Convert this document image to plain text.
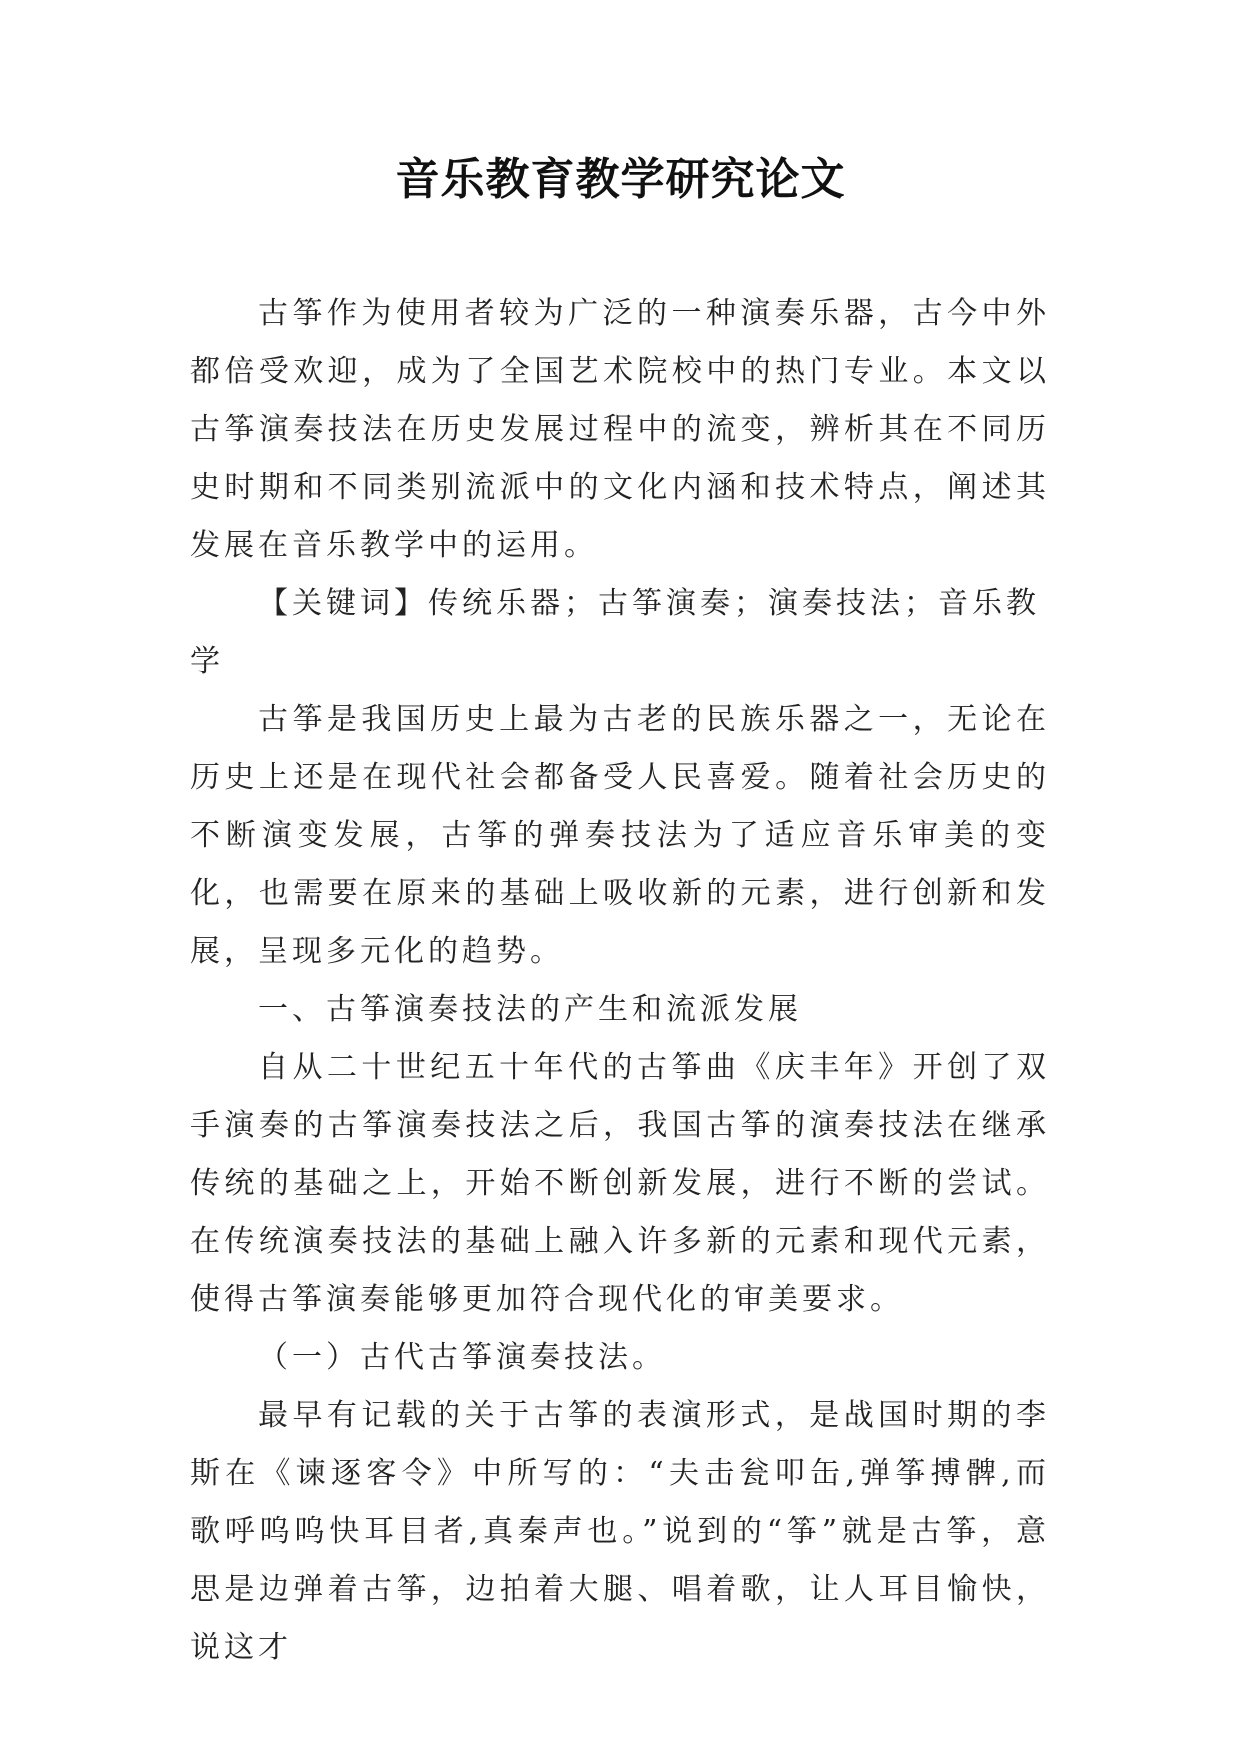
音乐教育教学研究论文

古筝作为使用者较为广泛的一种演奏乐器，古今中外都倍受欢迎，成为了全国艺术院校中的热门专业。本文以古筝演奏技法在历史发展过程中的流变，辨析其在不同历史时期和不同类别流派中的文化内涵和技术特点，阐述其发展在音乐教学中的运用。

【关键词】传统乐器；古筝演奏；演奏技法；音乐教学

古筝是我国历史上最为古老的民族乐器之一，无论在历史上还是在现代社会都备受人民喜爱。随着社会历史的不断演变发展，古筝的弹奏技法为了适应音乐审美的变化，也需要在原来的基础上吸收新的元素，进行创新和发展，呈现多元化的趋势。

一、古筝演奏技法的产生和流派发展

自从二十世纪五十年代的古筝曲《庆丰年》开创了双手演奏的古筝演奏技法之后，我国古筝的演奏技法在继承传统的基础之上，开始不断创新发展，进行不断的尝试。在传统演奏技法的基础上融入许多新的元素和现代元素，使得古筝演奏能够更加符合现代化的审美要求。

（一）古代古筝演奏技法。

最早有记载的关于古筝的表演形式，是战国时期的李斯在《谏逐客令》中所写的：“夫击瓮叩缶,弹筝搏髀,而歌呼呜呜快耳目者,真秦声也。”说到的“筝”就是古筝，意思是边弹着古筝，边拍着大腿、唱着歌，让人耳目愉快，说这才
